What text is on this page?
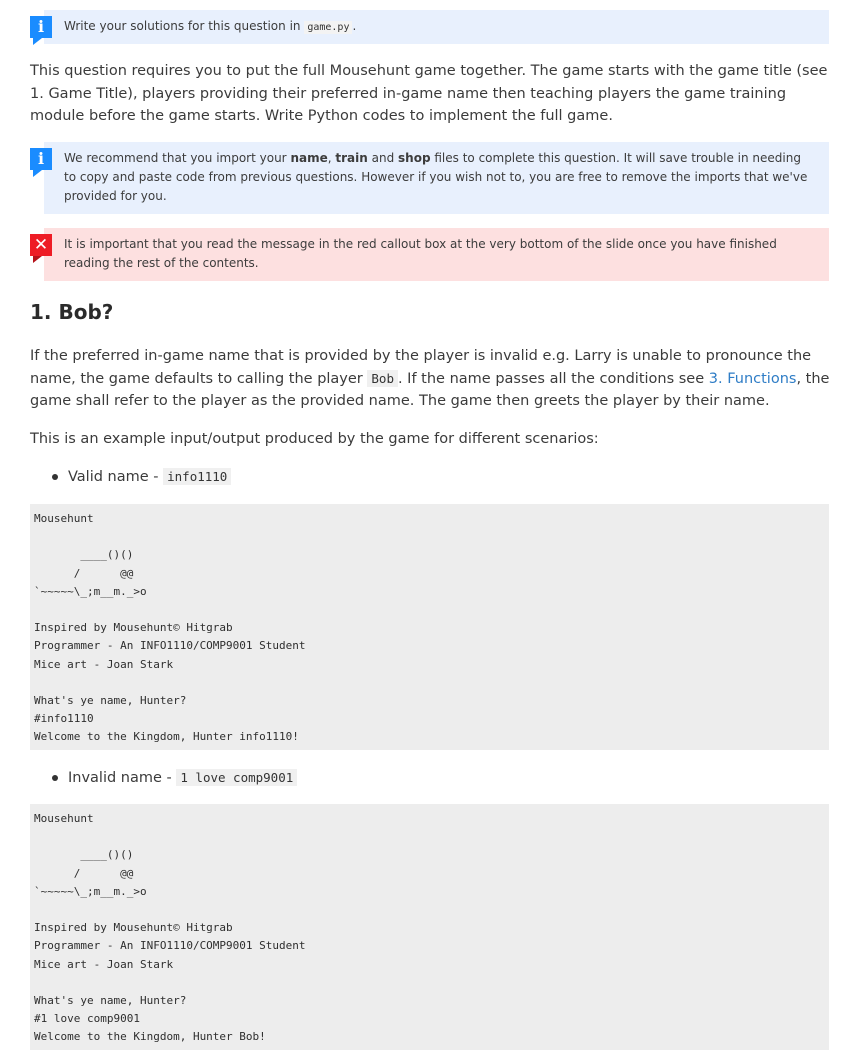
Write your solutions for this question in game.py .
i
This question requires you to put the full Mousehunt game together. The game starts with the game title (see 1. Game Title), players providing their preferred in-game name then teaching players the game training module before the game starts. Write Python codes to implement the full game.
We recommend that you import your name, train and shop files to complete this question. It will save trouble in needing to copy and paste code from previous questions. However if you wish not to, you are free to remove the imports that we've provided for you.
i
It is important that you read the message in the red callout box at the very bottom of the slide once you have finished reading the rest of the contents.
✕
1. Bob?
If the preferred in-game name that is provided by the player is invalid e.g. Larry is unable to pronounce the name, the game defaults to calling the player Bob . If the name passes all the conditions see 3. Functions, the game shall refer to the player as the provided name. The game then greets the player by their name.
This is an example input/output produced by the game for different scenarios:
Valid name - info1110
Mousehunt

____()()
/      @@
`~~~~~\_;m__m._>o

Inspired by Mousehunt© Hitgrab
Programmer - An INFO1110/COMP9001 Student
Mice art - Joan Stark

What's ye name, Hunter?
#info1110
Welcome to the Kingdom, Hunter info1110!
Invalid name - 1 love comp9001
Mousehunt

____()()
/      @@
`~~~~~\_;m__m._>o

Inspired by Mousehunt© Hitgrab
Programmer - An INFO1110/COMP9001 Student
Mice art - Joan Stark

What's ye name, Hunter?
#1 love comp9001
Welcome to the Kingdom, Hunter Bob!
